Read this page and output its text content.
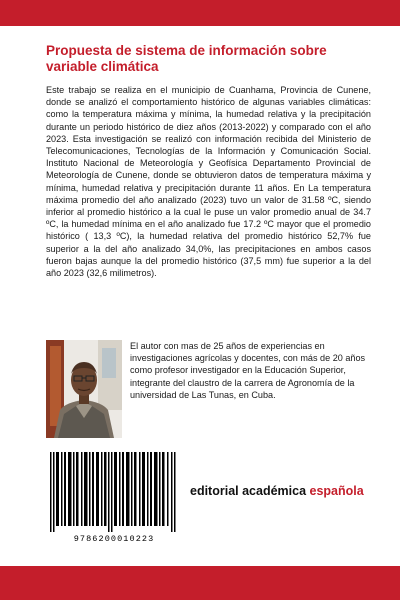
Propuesta de sistema de información sobre variable climática
Este trabajo se realiza en el municipio de Cuanhama, Provincia de Cunene, donde se analizó el comportamiento histórico de algunas variables climáticas: como la temperatura máxima y mínima, la humedad relativa y la precipitación durante un periodo histórico de diez años (2013-2022) y comparado con el año 2023. Esta investigación se realizó con información recibida del Ministerio de Telecomunicaciones, Tecnologías de la Información y Comunicación Social. Instituto Nacional de Meteorología y Geofísica Departamento Provincial de Meteorología de Cunene, donde se obtuvieron datos de temperatura máxima y mínima, humedad relativa y precipitación durante 11 años. En La temperatura máxima promedio del año analizado (2023) tuvo un valor de 31.58 ºC, siendo inferior al promedio histórico a la cual le puse un valor promedio anual de 34.7 ºC, la humedad mínima en el año analizado fue 17.2 ºC mayor que el promedio histórico ( 13,3 ºC), la humedad relativa del promedio histórico 52,7% fue superior a la del año analizado 34,0%, las precipitaciones en ambos casos fueron bajas aunque la del promedio histórico (37,5 mm) fue superior a la del año 2023 (32,6 milimetros).
El autor con mas de 25 años de experiencias en investigaciones agrícolas y docentes, con más de 20 años como profesor investigador en la Educación Superior, integrante del claustro de la carrera de Agronomía de la universidad de Las Tunas, en Cuba.
9786200010223
editorial académica española
